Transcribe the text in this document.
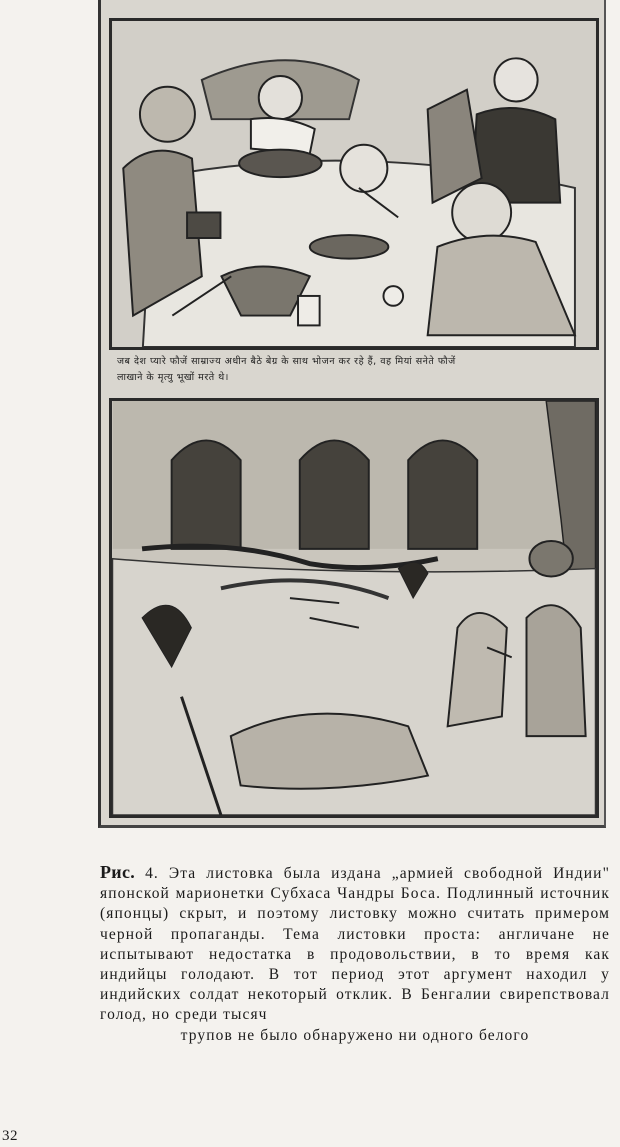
जब देश प्यारे फौजें साम्राज्य अधीन बैठे बेग्र के साथ भोजन कर रहे हैं, वह मियां सनेते फौजें
लाखाने के मृत्यु भूखों मरते थे।

Рис. 4. Эта листовка была издана „армией свободной Индии" японской марионетки Субхаса Чандры Боса. Подлинный источник (японцы) скрыт, и поэтому листовку можно считать примером черной пропаганды. Тема листовки проста: англичане не испытывают недостатка в продовольствии, в то время как индийцы голодают. В тот период этот аргумент находил у индийских солдат некоторый отклик. В Бенгалии свирепствовал голод, но среди тысяч

трупов не было обнаружено ни одного белого

32
